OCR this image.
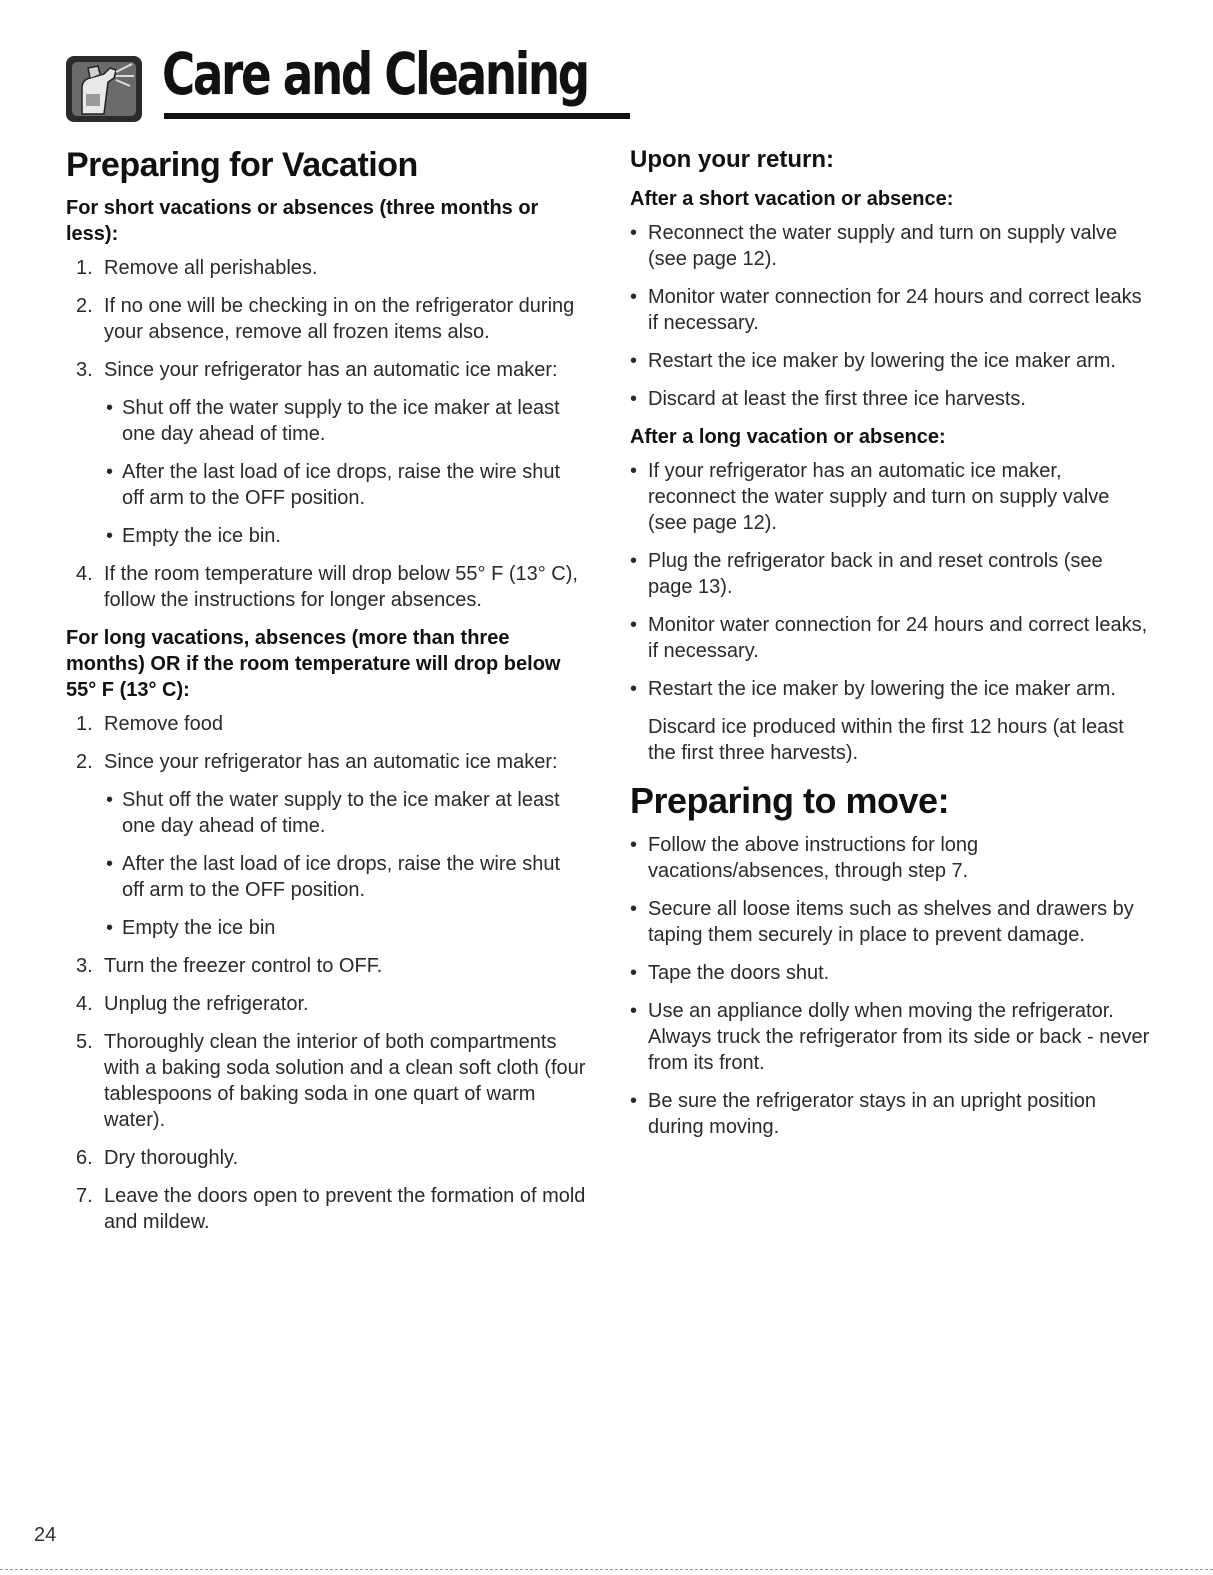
Care and Cleaning
Preparing for Vacation
For short vacations or absences (three months or less):
1. Remove all perishables.
2. If no one will be checking in on the refrigerator during your absence, remove all frozen items also.
3. Since your refrigerator has an automatic ice maker:
• Shut off the water supply to the ice maker at least one day ahead of time.
• After the last load of ice drops, raise the wire shut off arm to the OFF position.
• Empty the ice bin.
4. If the room temperature will drop below 55° F (13° C), follow the instructions for longer absences.
For long vacations, absences (more than three months) OR if the room temperature will drop below 55° F (13° C):
1. Remove food
2. Since your refrigerator has an automatic ice maker:
• Shut off the water supply to the ice maker at least one day ahead of time.
• After the last load of ice drops, raise the wire shut off arm to the OFF position.
• Empty the ice bin
3. Turn the freezer control to OFF.
4. Unplug the refrigerator.
5. Thoroughly clean the interior of both compartments with a baking soda solution and a clean soft cloth (four tablespoons of baking soda in one quart of warm water).
6. Dry thoroughly.
7. Leave the doors open to prevent the formation of mold and mildew.
Upon your return:
After a short vacation or absence:
• Reconnect the water supply and turn on supply valve (see page 12).
• Monitor water connection for 24 hours and correct leaks if necessary.
• Restart the ice maker by lowering the ice maker arm.
• Discard at least the first three ice harvests.
After a long vacation or absence:
• If your refrigerator has an automatic ice maker, reconnect the water supply and turn on supply valve (see page 12).
• Plug the refrigerator back in and reset controls (see page 13).
• Monitor water connection for 24 hours and correct leaks, if necessary.
• Restart the ice maker by lowering the ice maker arm.
Discard ice produced within the first 12 hours (at least the first three harvests).
Preparing to move:
• Follow the above instructions for long vacations/absences, through step 7.
• Secure all loose items such as shelves and drawers by taping them securely in place to prevent damage.
• Tape the doors shut.
• Use an appliance dolly when moving the refrigerator. Always truck the refrigerator from its side or back - never from its front.
• Be sure the refrigerator stays in an upright position during moving.
24
